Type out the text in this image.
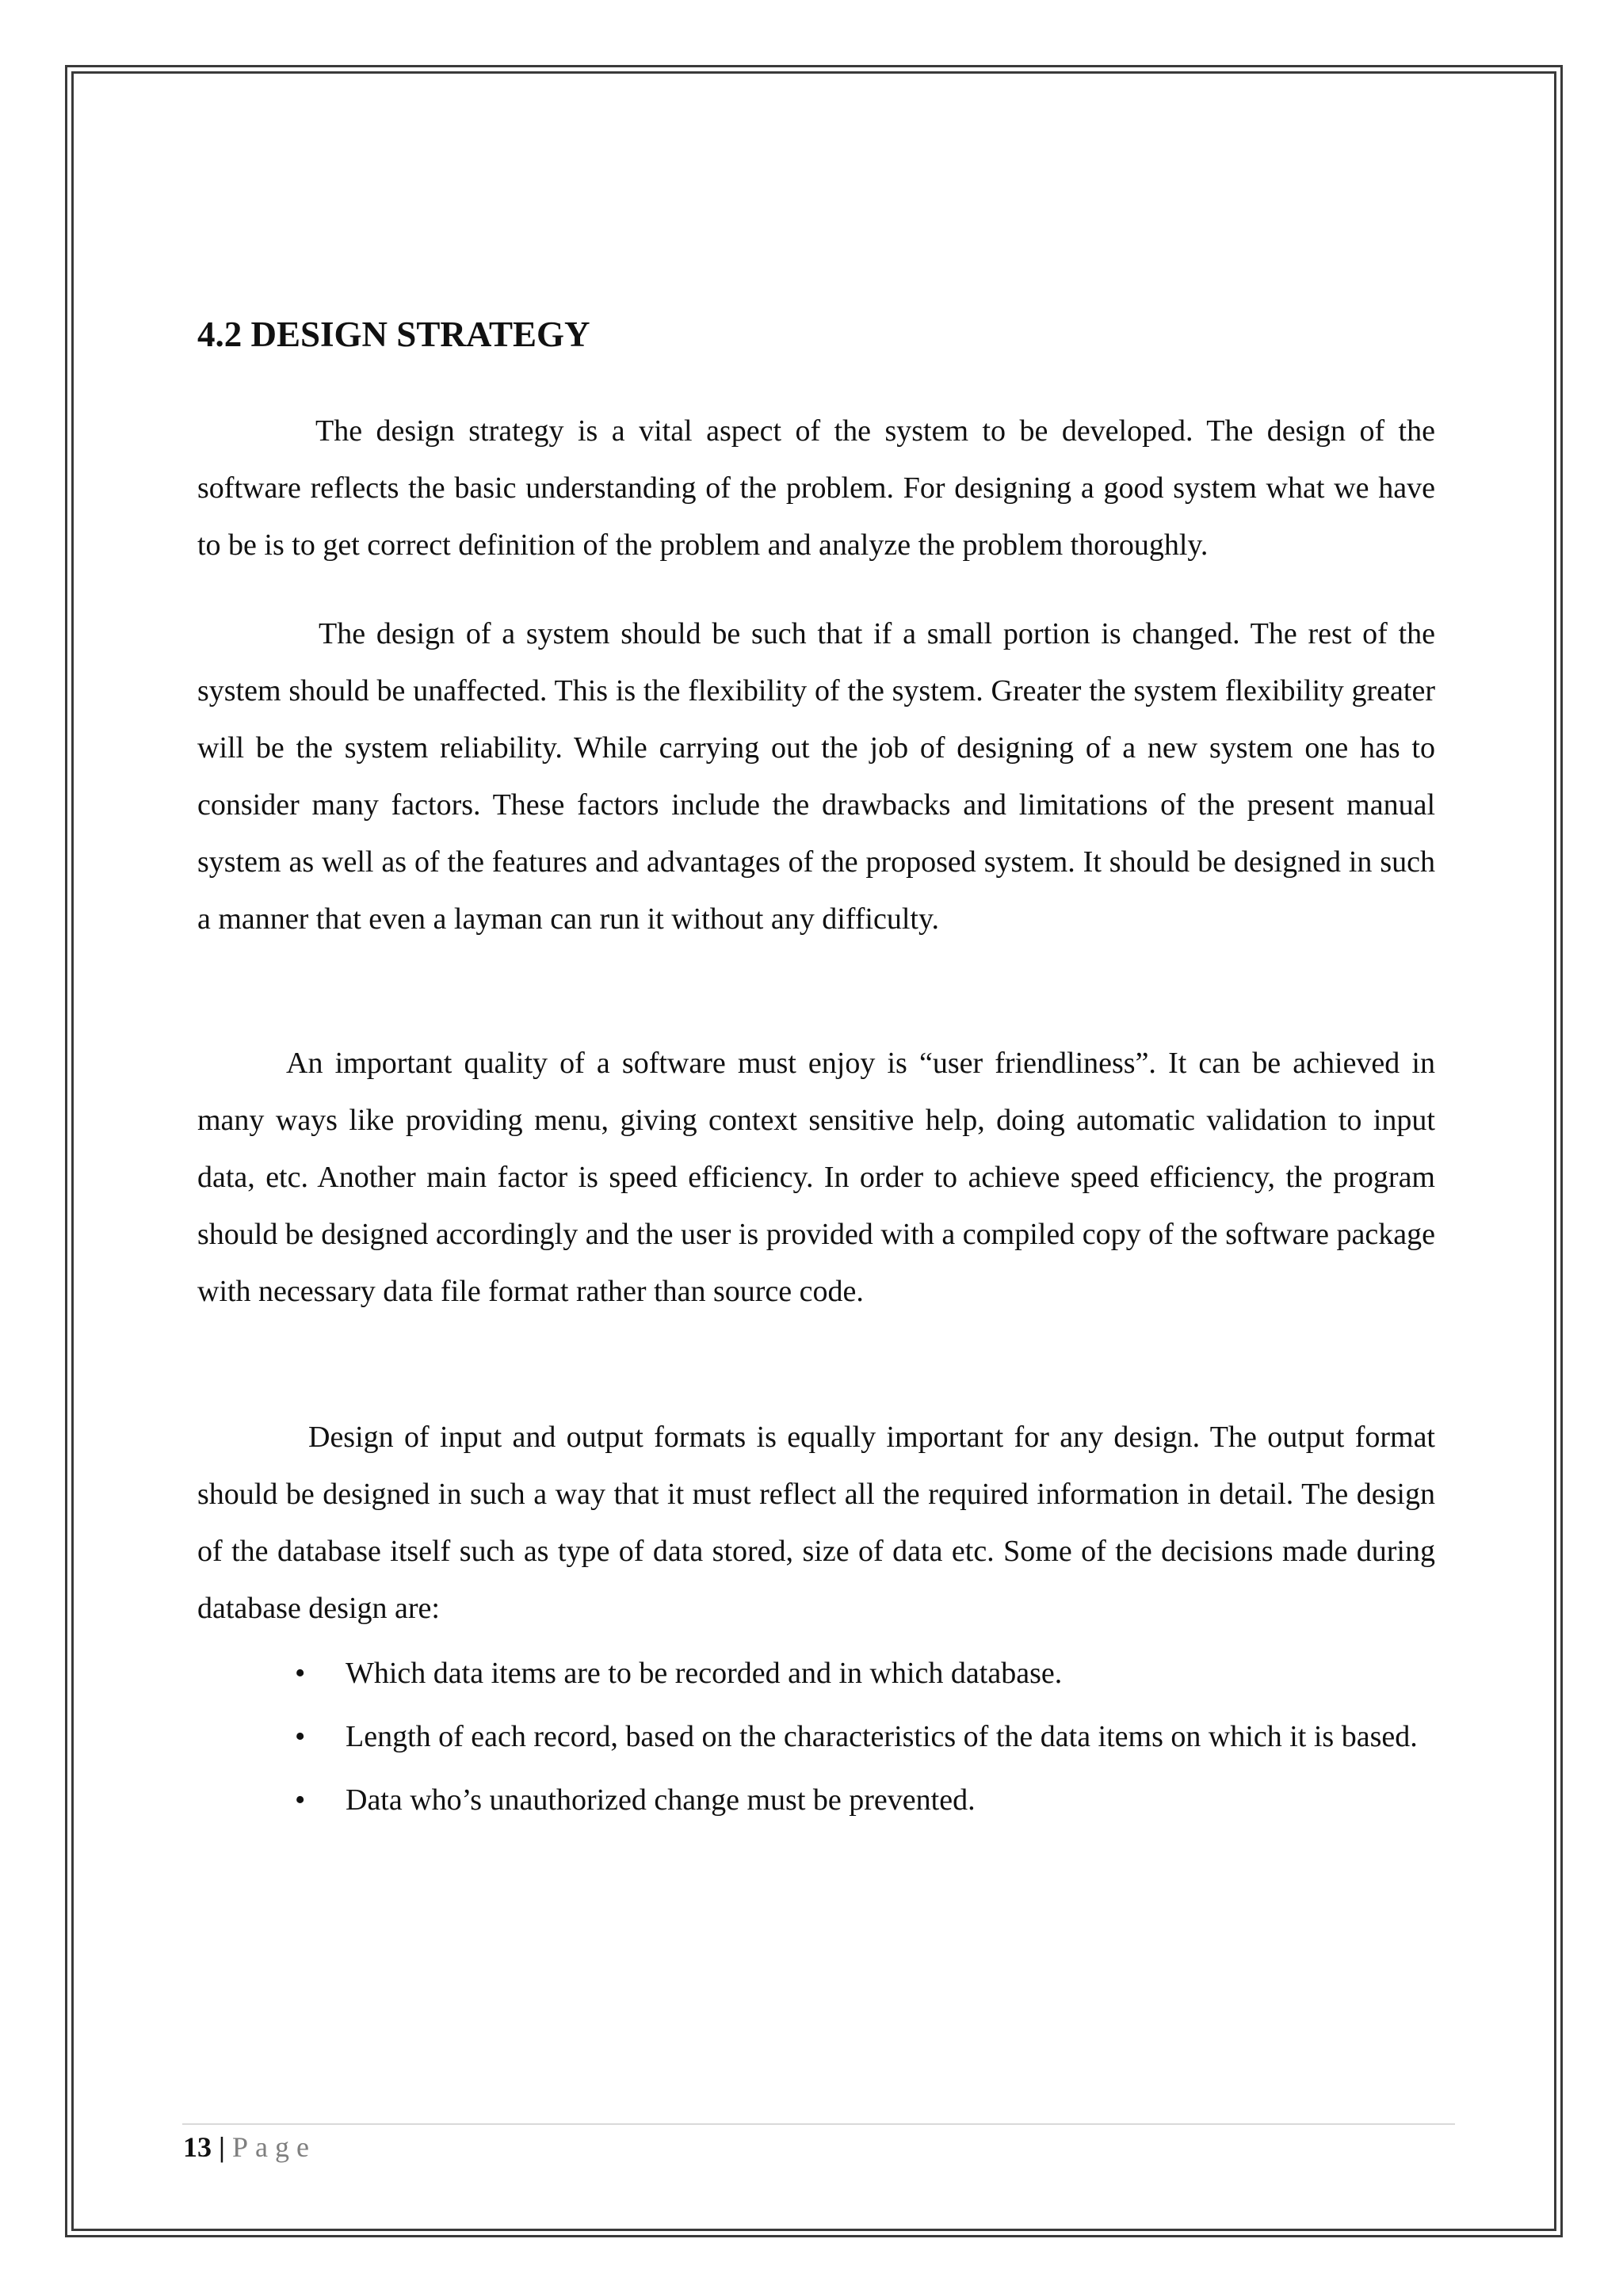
4.2 DESIGN STRATEGY

The design strategy is a vital aspect of the system to be developed. The design of the software reflects the basic understanding of the problem. For designing a good system what we have to be is to get correct definition of the problem and analyze the problem thoroughly.

The design of a system should be such that if a small portion is changed. The rest of the system should be unaffected. This is the flexibility of the system. Greater the system flexibility greater will be the system reliability. While carrying out the job of designing of a new system one has to consider many factors. These factors include the drawbacks and limitations of the present manual system as well as of the features and advantages of the proposed system. It should be designed in such a manner that even a layman can run it without any difficulty.

An important quality of a software must enjoy is “user friendliness”. It can be achieved in many ways like providing menu, giving context sensitive help, doing automatic validation to input data, etc. Another main factor is speed efficiency. In order to achieve speed efficiency, the program should be designed accordingly and the user is provided with a compiled copy of the software package with necessary data file format rather than source code.

Design of input and output formats is equally important for any design. The output format should be designed in such a way that it must reflect all the required information in detail. The design of the database itself such as type of data stored, size of data etc. Some of the decisions made during database design are:

• Which data items are to be recorded and in which database.
• Length of each record, based on the characteristics of the data items on which it is based.
• Data who’s unauthorized change must be prevented.
13 | Page
